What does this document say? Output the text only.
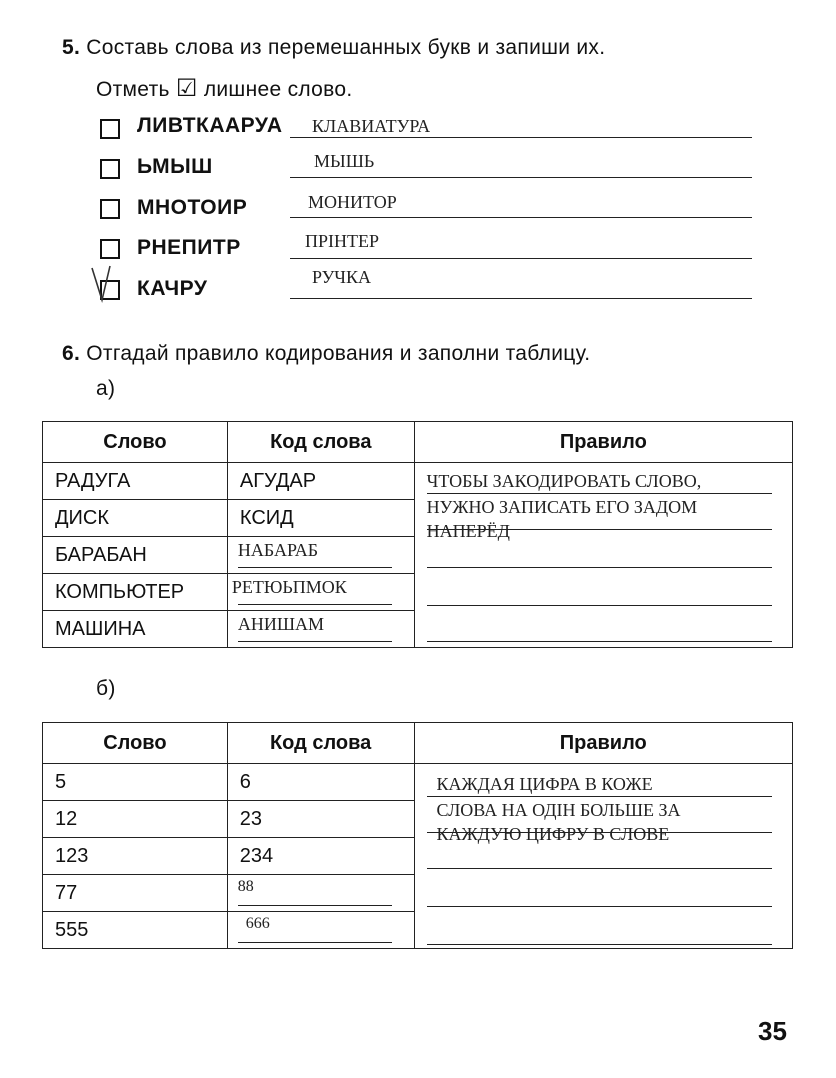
5. Составь слова из перемешанных букв и запиши их.
Отметь ☑ лишнее слово.
ЛИВТКААРУА КЛАВИАТУРА
ЬМЫШ	МЫШЬ
МНОТОИР	МОНИТОР
РНЕПИТР	ПРІНТЕР
КАЧРУ	РУЧКА
6. Отгадай правило кодирования и заполни таблицу.
а)
Слово	Код слова	Правило
РАДУГА	АГУДАР	ЧТОБЫ ЗАКОДИРОВАТЬ СЛОВО,
НУЖНО ЗАПИСАТЬ ЕГО ЗАДОМ
НАПЕРЁД

ДИСК	КСИД	
БАРАБАН	НАБАРАБ	

КОМПЬЮТЕР	РЕТЮЬПМОК	

МАШИНА	АНИШАМ	
б)
Слово	Код слова	Правило
5	6	КАЖДАЯ ЦИФРА В КОЖЕ
СЛОВА НА ОДІН БОЛЬШЕ ЗА
КАЖДУЮ ЦИФРУ В СЛОВЕ

12	23	
123	234	
77	88	

555	666	
35
